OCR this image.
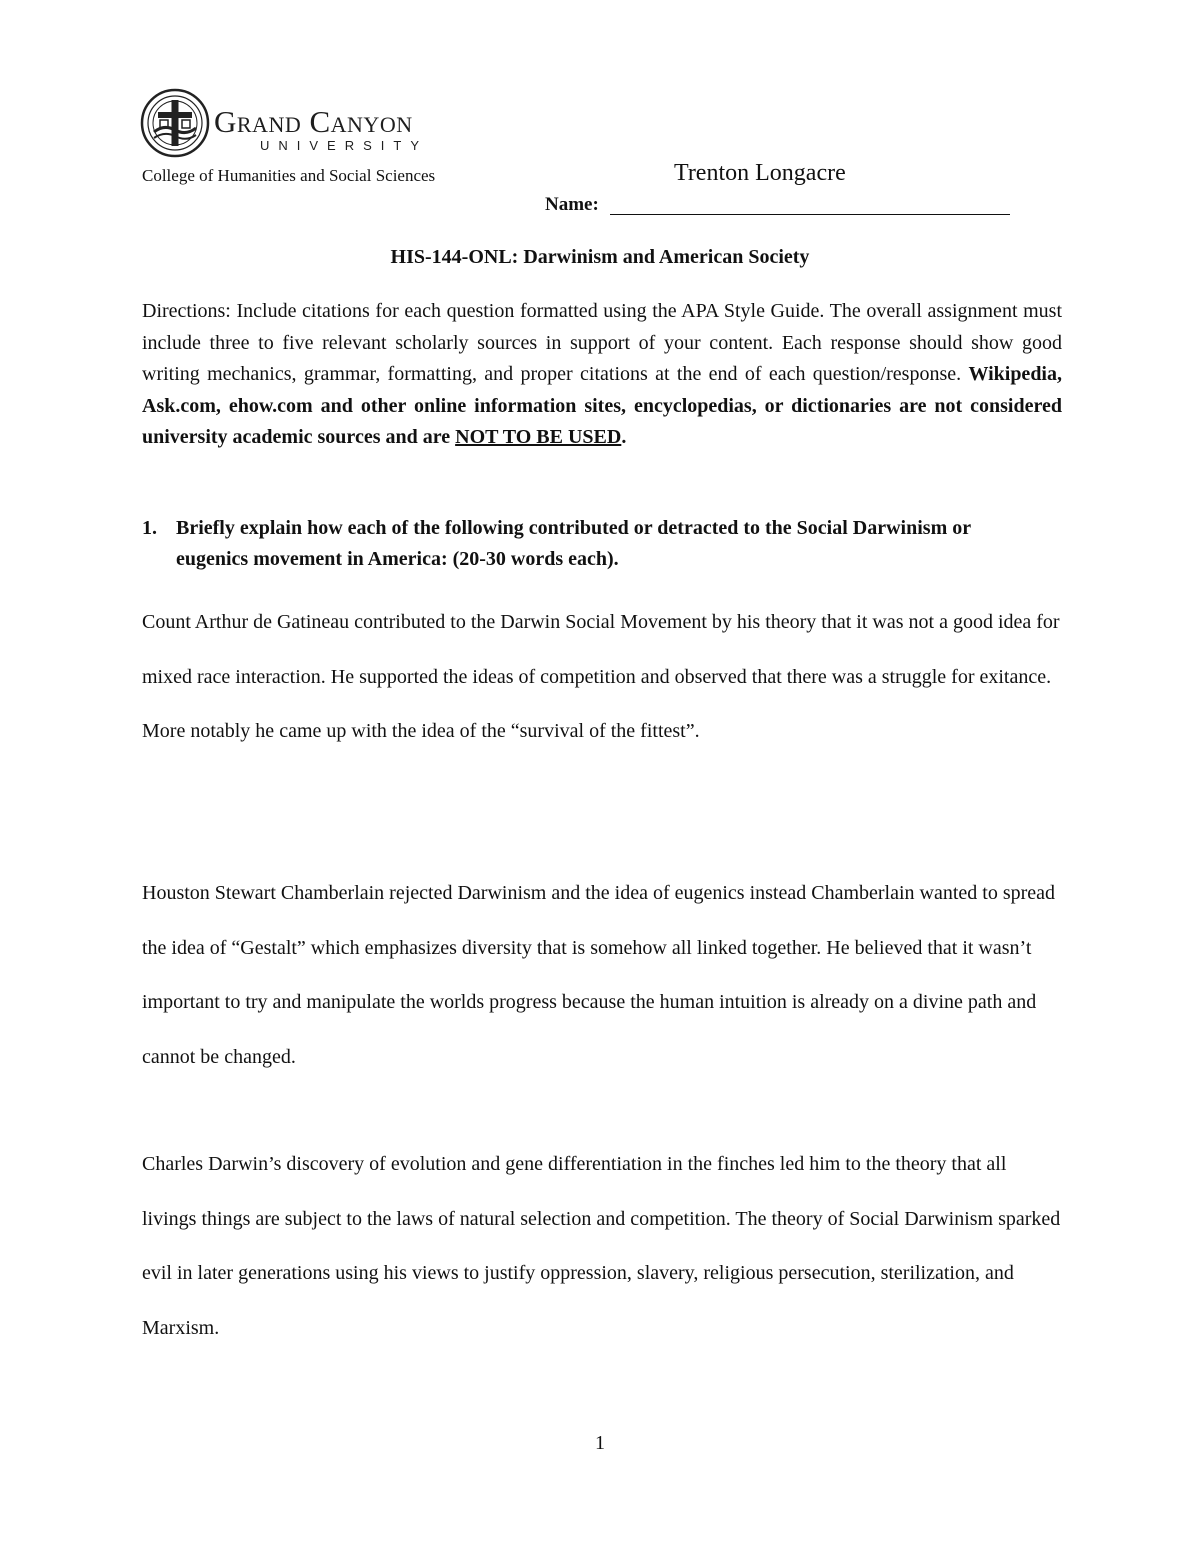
Grand Canyon
UNIVERSITY
College of Humanities and Social Sciences	Trenton Longacre
Name:
HIS-144-ONL: Darwinism and American Society
Directions: Include citations for each question formatted using the APA Style Guide. The overall assignment must include three to five relevant scholarly sources in support of your content. Each response should show good writing mechanics, grammar, formatting, and proper citations at the end of each question/response. Wikipedia, Ask.com, ehow.com and other online information sites, encyclopedias, or dictionaries are not considered university academic sources and are NOT TO BE USED.
1. Briefly explain how each of the following contributed or detracted to the Social Darwinism or eugenics movement in America: (20-30 words each).
Count Arthur de Gatineau contributed to the Darwin Social Movement by his theory that it was not a good idea for mixed race interaction. He supported the ideas of competition and observed that there was a struggle for exitance. More notably he came up with the idea of the “survival of the fittest”.
Houston Stewart Chamberlain rejected Darwinism and the idea of eugenics instead Chamberlain wanted to spread the idea of “Gestalt” which emphasizes diversity that is somehow all linked together. He believed that it wasn’t important to try and manipulate the worlds progress because the human intuition is already on a divine path and cannot be changed.
Charles Darwin’s discovery of evolution and gene differentiation in the finches led him to the theory that all livings things are subject to the laws of natural selection and competition. The theory of Social Darwinism sparked evil in later generations using his views to justify oppression, slavery, religious persecution, sterilization, and Marxism.
1
